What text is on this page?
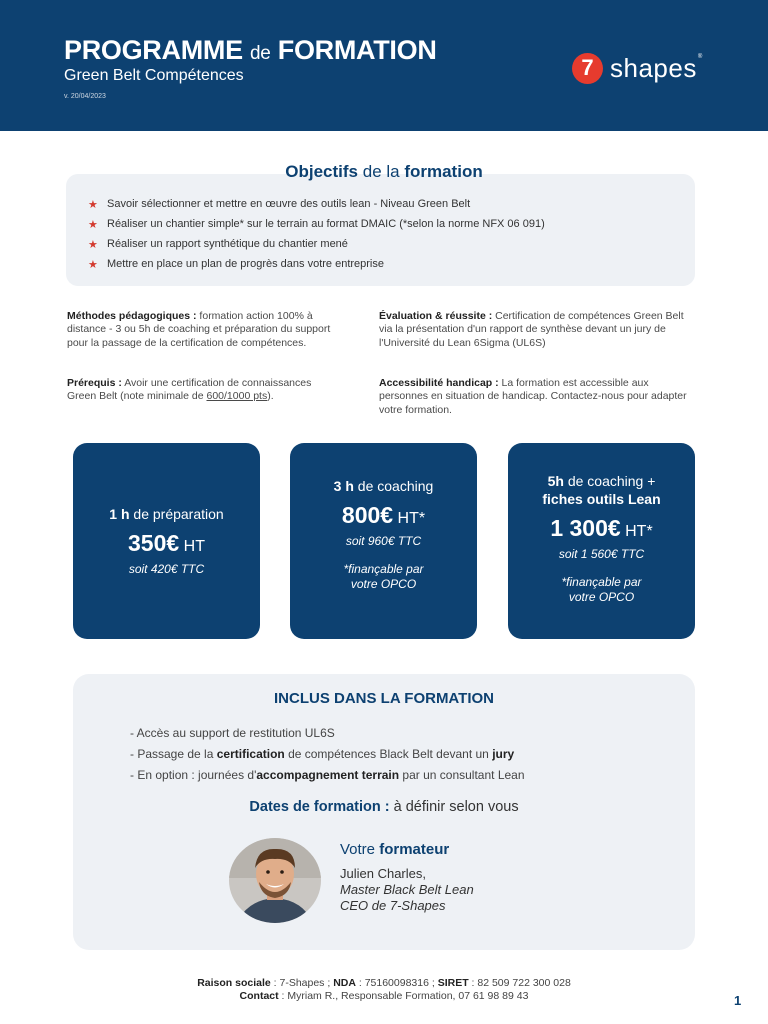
PROGRAMME de FORMATION
Green Belt Compétences
v. 20/04/2023
7 shapes ®
★ Savoir sélectionner et mettre en œuvre des outils lean - Niveau Green Belt
★ Réaliser un chantier simple* sur le terrain au format DMAIC (*selon la norme NFX 06 091)
★ Réaliser un rapport synthétique du chantier mené
★ Mettre en place un plan de progrès dans votre entreprise
Objectifs de la formation
Méthodes pédagogiques : formation action 100% à distance - 3 ou 5h de coaching et préparation du support pour la passage de la certification de compétences.
Prérequis : Avoir une certification de connaissances Green Belt (note minimale de 600/1000 pts).
Évaluation & réussite : Certification de compétences Green Belt via la présentation d'un rapport de synthèse devant un jury de l'Université du Lean 6Sigma (UL6S)
Accessibilité handicap : La formation est accessible aux personnes en situation de handicap. Contactez-nous pour adapter votre formation.
1 h de préparation
350€ HT
soit 420€ TTC
3 h de coaching
800€ HT*
soit 960€ TTC
*finançable par
votre OPCO
5h de coaching +
fiches outils Lean
1 300€ HT*
soit 1 560€ TTC
*finançable par
votre OPCO
INCLUS DANS LA FORMATION
- Accès au support de restitution UL6S
- Passage de la certification de compétences Black Belt devant un jury
- En option : journées d'accompagnement terrain par un consultant Lean
Dates de formation : à définir selon vous
Votre formateur
Julien Charles,
Master Black Belt Lean
CEO de 7-Shapes
Raison sociale : 7-Shapes ; NDA : 75160098316 ; SIRET : 82 509 722 300 028
Contact : Myriam R., Responsable Formation, 07 61 98 89 43	1
